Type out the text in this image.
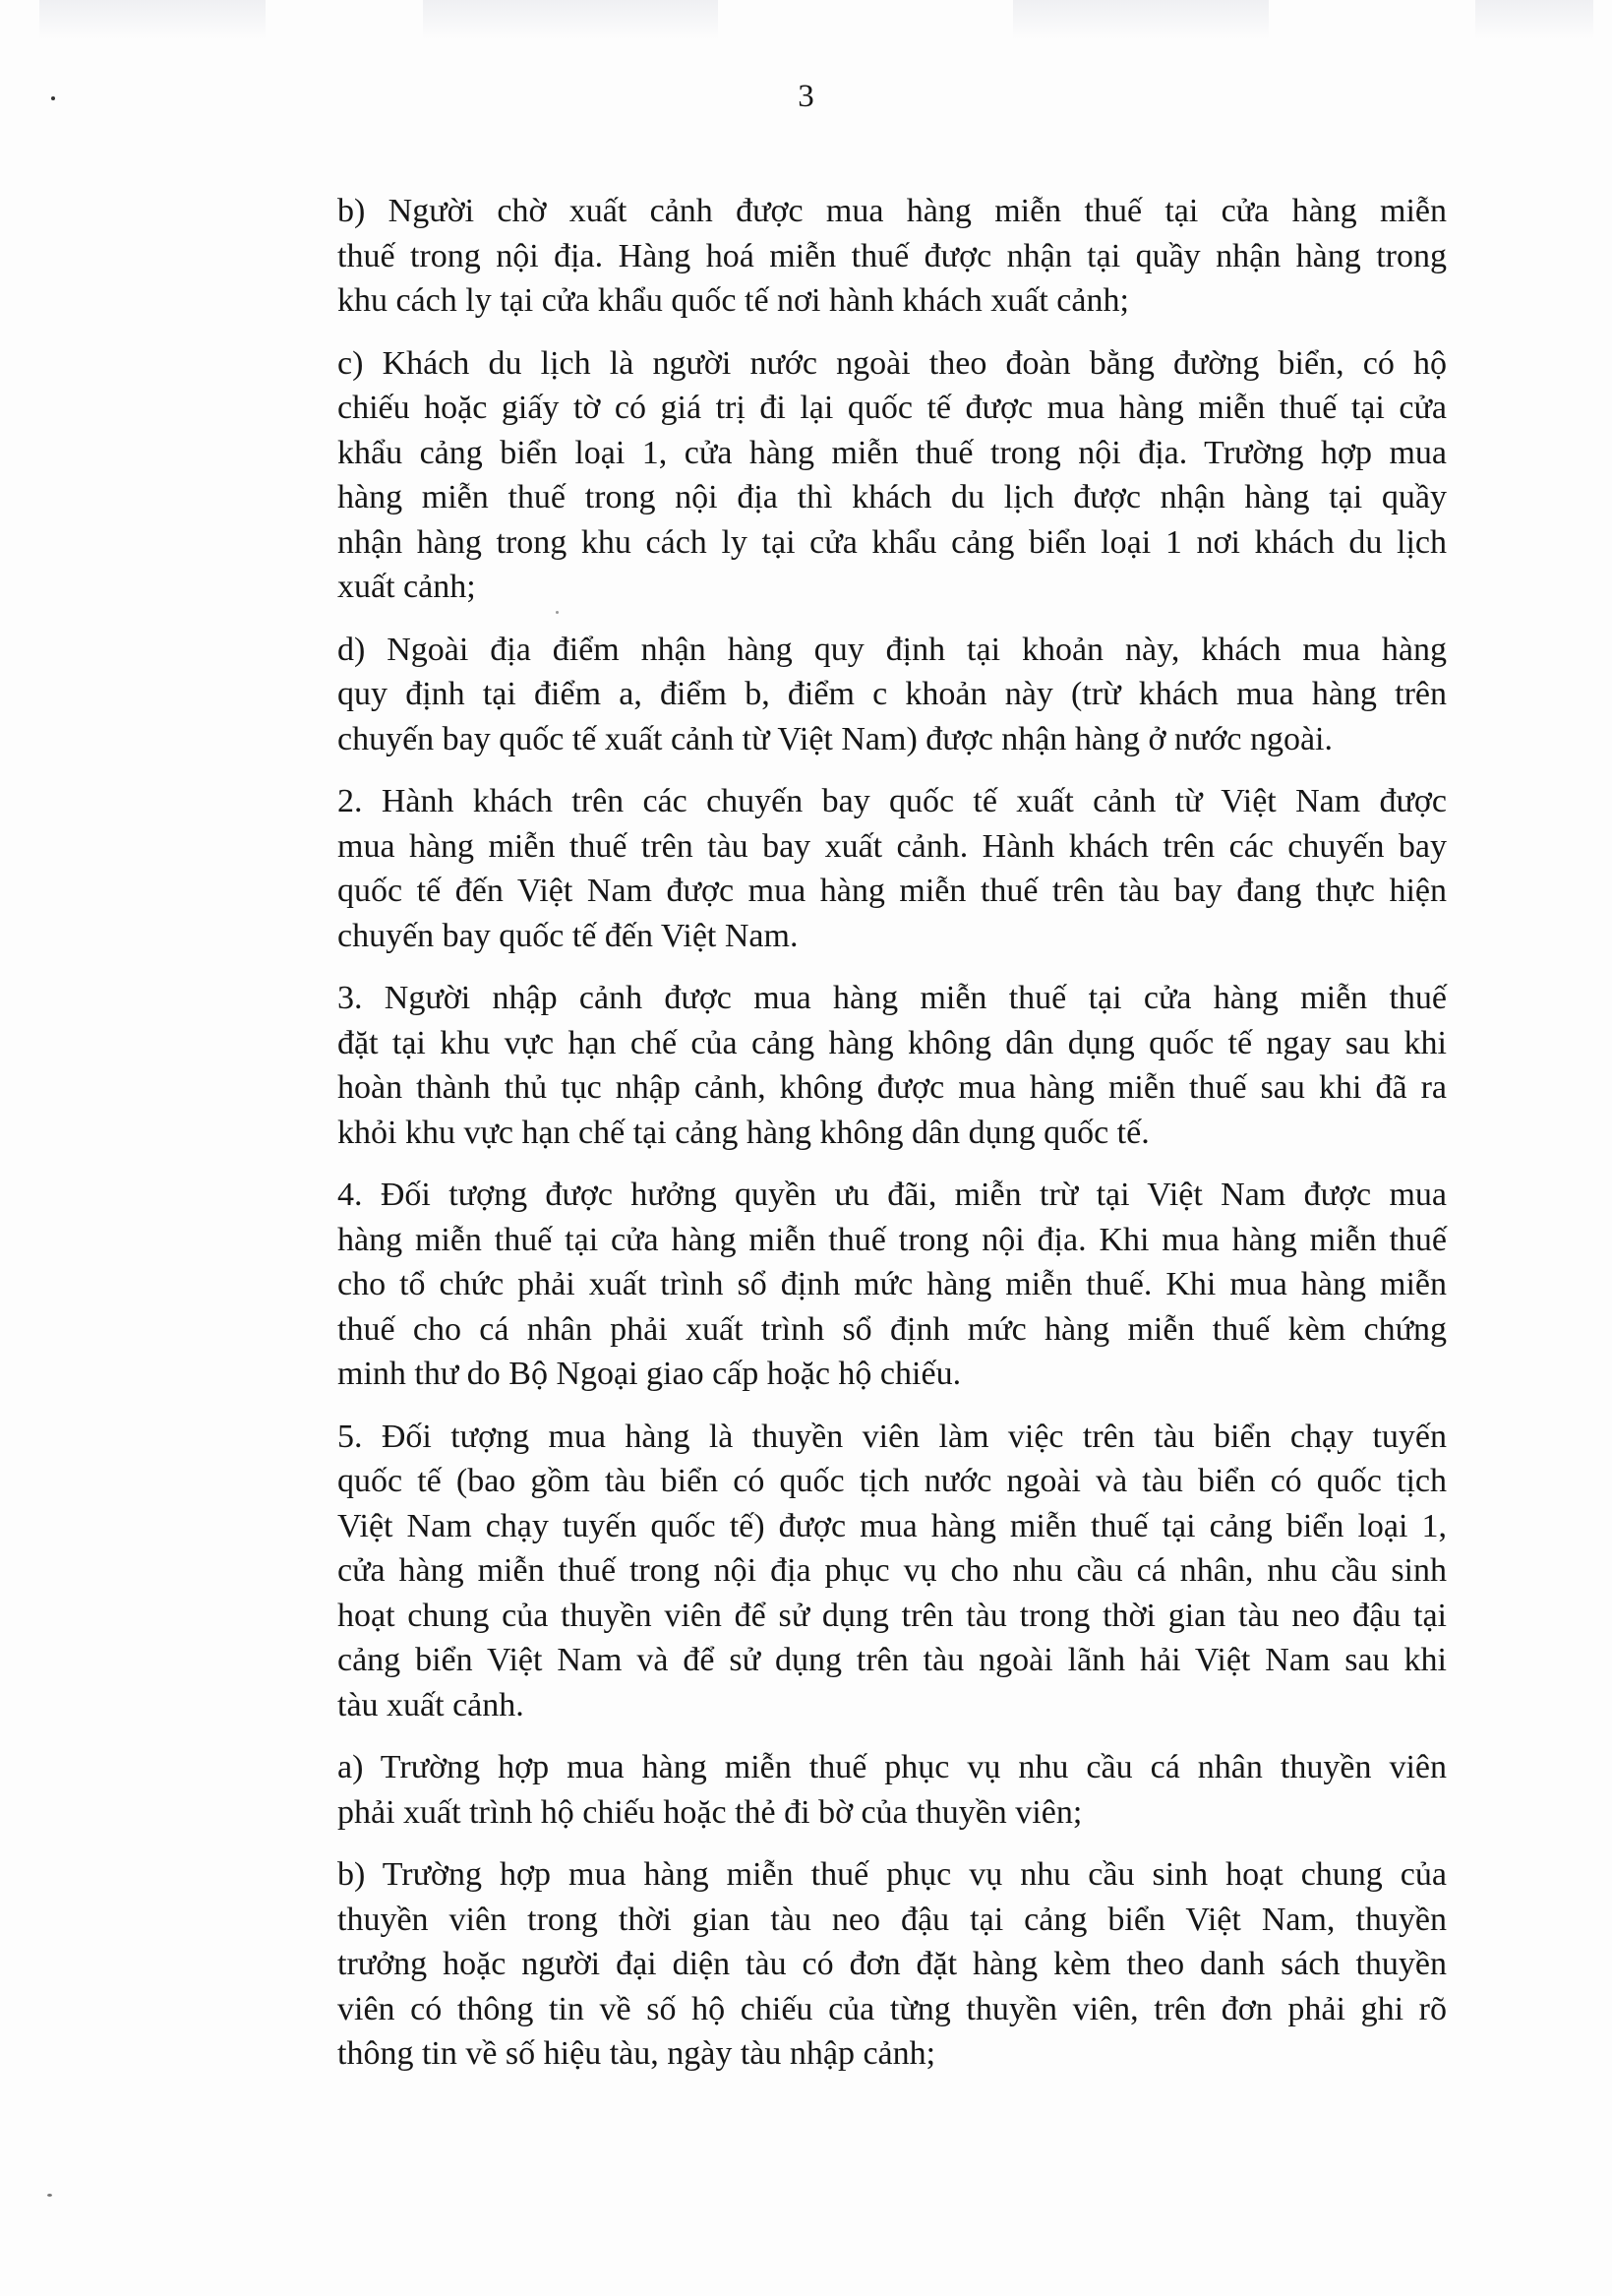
3

b) Người chờ xuất cảnh được mua hàng miễn thuế tại cửa hàng miễn
thuế trong nội địa. Hàng hoá miễn thuế được nhận tại quầy nhận hàng trong
khu cách ly tại cửa khẩu quốc tế nơi hành khách xuất cảnh;

c) Khách du lịch là người nước ngoài theo đoàn bằng đường biển, có hộ
chiếu hoặc giấy tờ có giá trị đi lại quốc tế được mua hàng miễn thuế tại cửa
khẩu cảng biển loại 1, cửa hàng miễn thuế trong nội địa. Trường hợp mua
hàng miễn thuế trong nội địa thì khách du lịch được nhận hàng tại quầy
nhận hàng trong khu cách ly tại cửa khẩu cảng biển loại 1 nơi khách du lịch
xuất cảnh;

d) Ngoài địa điểm nhận hàng quy định tại khoản này, khách mua hàng
quy định tại điểm a, điểm b, điểm c khoản này (trừ khách mua hàng trên
chuyến bay quốc tế xuất cảnh từ Việt Nam) được nhận hàng ở nước ngoài.

2. Hành khách trên các chuyến bay quốc tế xuất cảnh từ Việt Nam được
mua hàng miễn thuế trên tàu bay xuất cảnh. Hành khách trên các chuyến bay
quốc tế đến Việt Nam được mua hàng miễn thuế trên tàu bay đang thực hiện
chuyến bay quốc tế đến Việt Nam.

3. Người nhập cảnh được mua hàng miễn thuế tại cửa hàng miễn thuế
đặt tại khu vực hạn chế của cảng hàng không dân dụng quốc tế ngay sau khi
hoàn thành thủ tục nhập cảnh, không được mua hàng miễn thuế sau khi đã ra
khỏi khu vực hạn chế tại cảng hàng không dân dụng quốc tế.

4. Đối tượng được hưởng quyền ưu đãi, miễn trừ tại Việt Nam được mua
hàng miễn thuế tại cửa hàng miễn thuế trong nội địa. Khi mua hàng miễn thuế
cho tổ chức phải xuất trình sổ định mức hàng miễn thuế. Khi mua hàng miễn
thuế cho cá nhân phải xuất trình sổ định mức hàng miễn thuế kèm chứng
minh thư do Bộ Ngoại giao cấp hoặc hộ chiếu.

5. Đối tượng mua hàng là thuyền viên làm việc trên tàu biển chạy tuyến
quốc tế (bao gồm tàu biển có quốc tịch nước ngoài và tàu biển có quốc tịch
Việt Nam chạy tuyến quốc tế) được mua hàng miễn thuế tại cảng biển loại 1,
cửa hàng miễn thuế trong nội địa phục vụ cho nhu cầu cá nhân, nhu cầu sinh
hoạt chung của thuyền viên để sử dụng trên tàu trong thời gian tàu neo đậu tại
cảng biển Việt Nam và để sử dụng trên tàu ngoài lãnh hải Việt Nam sau khi
tàu xuất cảnh.

a) Trường hợp mua hàng miễn thuế phục vụ nhu cầu cá nhân thuyền viên
phải xuất trình hộ chiếu hoặc thẻ đi bờ của thuyền viên;

b) Trường hợp mua hàng miễn thuế phục vụ nhu cầu sinh hoạt chung của
thuyền viên trong thời gian tàu neo đậu tại cảng biển Việt Nam, thuyền
trưởng hoặc người đại diện tàu có đơn đặt hàng kèm theo danh sách thuyền
viên có thông tin về số hộ chiếu của từng thuyền viên, trên đơn phải ghi rõ
thông tin về số hiệu tàu, ngày tàu nhập cảnh;
